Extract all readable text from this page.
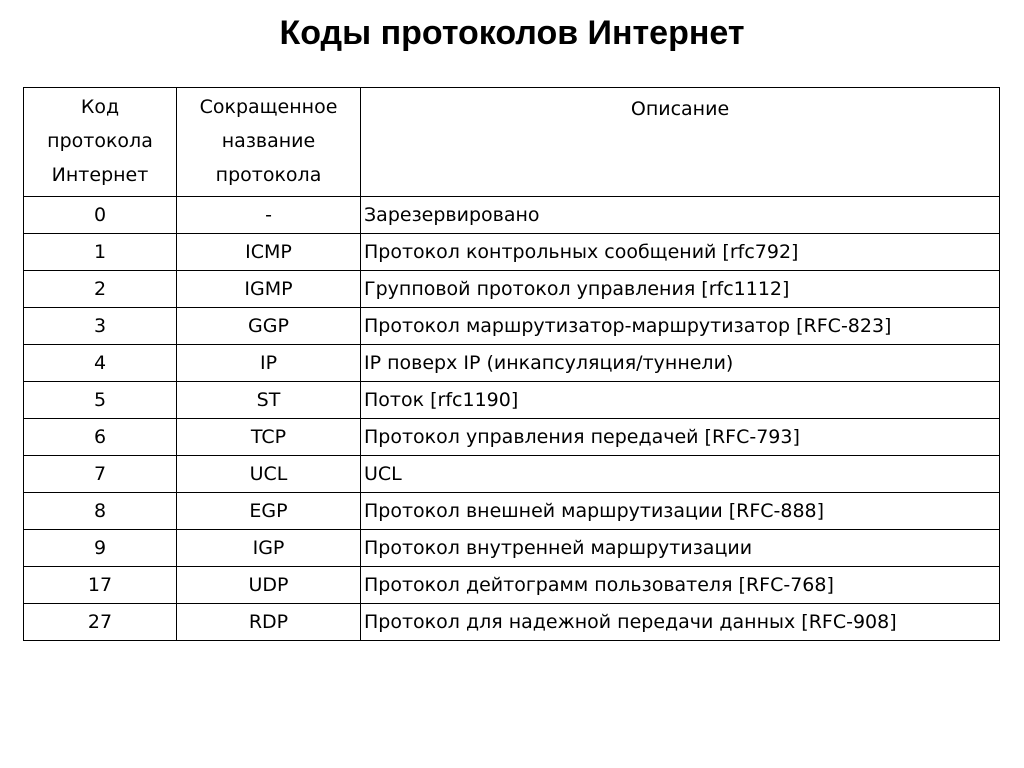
Коды протоколов Интернет
Код протокола Интернет	Сокращенное название протокола	Описание
0	-	Зарезервировано
1	ICMP	Протокол контрольных сообщений [rfc792]
2	IGMP	Групповой протокол управления [rfc1112]
3	GGP	Протокол маршрутизатор-маршрутизатор [RFC-823]
4	IP	IP поверх IP (инкапсуляция/туннели)
5	ST	Поток [rfc1190]
6	TCP	Протокол управления передачей [RFC-793]
7	UCL	UCL
8	EGP	Протокол внешней маршрутизации [RFC-888]
9	IGP	Протокол внутренней маршрутизации
17	UDP	Протокол дейтограмм пользователя [RFC-768]
27	RDP	Протокол для надежной передачи данных [RFC-908]
